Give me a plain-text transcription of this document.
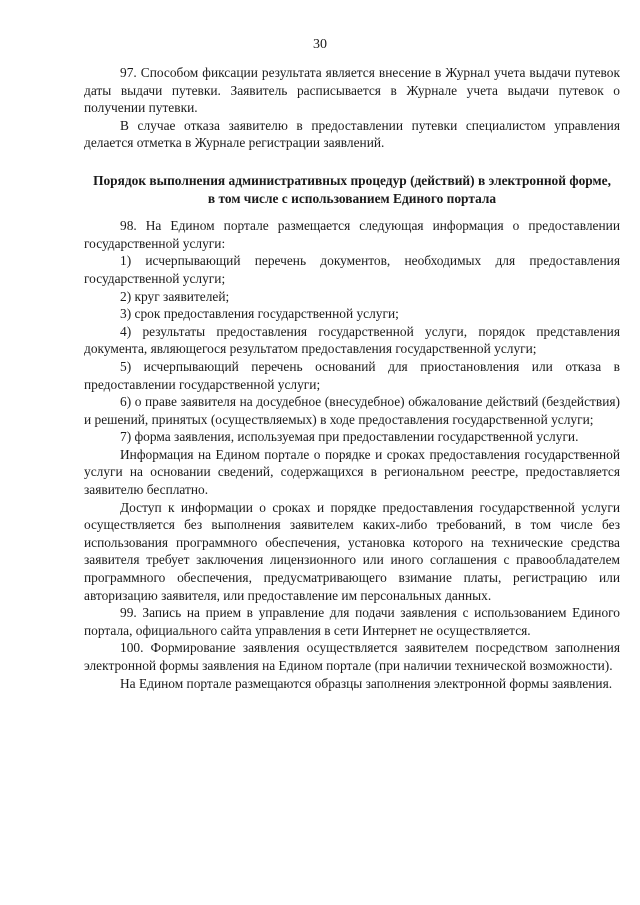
30

97. Способом фиксации результата является внесение в Журнал учета выдачи путевок даты выдачи путевки. Заявитель расписывается в Журнале учета выдачи путевок о получении путевки.

В случае отказа заявителю в предоставлении путевки специалистом управления делается отметка в Журнале регистрации заявлений.

Порядок выполнения административных процедур (действий) в электронной форме, в том числе с использованием Единого портала

98. На Едином портале размещается следующая информация о предоставлении государственной услуги:

1) исчерпывающий перечень документов, необходимых для предоставления государственной услуги;

2) круг заявителей;

3) срок предоставления государственной услуги;

4) результаты предоставления государственной услуги, порядок представления документа, являющегося результатом предоставления государственной услуги;

5) исчерпывающий перечень оснований для приостановления или отказа в предоставлении государственной услуги;

6) о праве заявителя на досудебное (внесудебное) обжалование действий (бездействия) и решений, принятых (осуществляемых) в ходе предоставления государственной услуги;

7) форма заявления, используемая при предоставлении государственной услуги.

Информация на Едином портале о порядке и сроках предоставления государственной услуги на основании сведений, содержащихся в региональном реестре, предоставляется заявителю бесплатно.

Доступ к информации о сроках и порядке предоставления государственной услуги осуществляется без выполнения заявителем каких-либо требований, в том числе без использования программного обеспечения, установка которого на технические средства заявителя требует заключения лицензионного или иного соглашения с правообладателем программного обеспечения, предусматривающего взимание платы, регистрацию или авторизацию заявителя, или предоставление им персональных данных.

99. Запись на прием в управление для подачи заявления с использованием Единого портала, официального сайта управления в сети Интернет не осуществляется.

100. Формирование заявления осуществляется заявителем посредством заполнения электронной формы заявления на Едином портале (при наличии технической возможности).

На Едином портале размещаются образцы заполнения электронной формы заявления.
